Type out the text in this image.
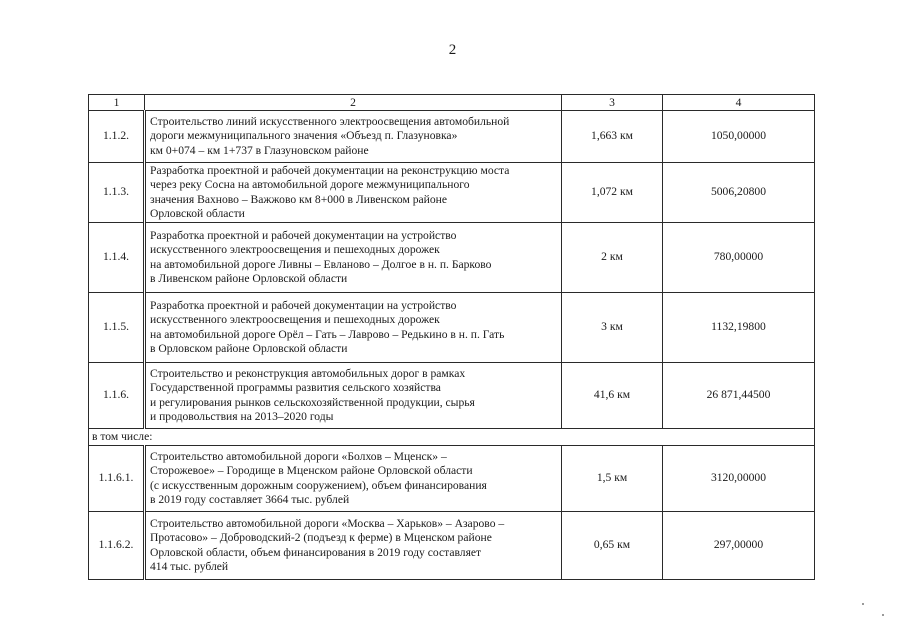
2
1	2	3	4
1.1.2.	Строительство линий искусственного электроосвещения автомобильной
дороги межмуниципального значения «Объезд п. Глазуновка»
км 0+074 – км 1+737 в Глазуновском районе	1,663 км	1050,00000
1.1.3.	Разработка проектной и рабочей документации на реконструкцию моста
через реку Сосна на автомобильной дороге межмуниципального
значения Вахново – Важжово км 8+000 в Ливенском районе
Орловской области	1,072 км	5006,20800
1.1.4.	Разработка проектной и рабочей документации на устройство
искусственного электроосвещения и пешеходных дорожек
на автомобильной дороге Ливны – Евланово – Долгое в н. п. Барково
в Ливенском районе Орловской области	2 км	780,00000
1.1.5.	Разработка проектной и рабочей документации на устройство
искусственного электроосвещения и пешеходных дорожек
на автомобильной дороге Орёл – Гать – Лаврово – Редькино в н. п. Гать
в Орловском районе Орловской области	3 км	1132,19800
1.1.6.	Строительство и реконструкция автомобильных дорог в рамках
Государственной программы развития сельского хозяйства
и регулирования рынков сельскохозяйственной продукции, сырья
и продовольствия на 2013–2020 годы	41,6 км	26 871,44500
в том числе:			
1.1.6.1.	Строительство автомобильной дороги «Болхов – Мценск» –
Сторожевое» – Городище в Мценском районе Орловской области
(с искусственным дорожным сооружением), объем финансирования
в 2019 году составляет 3664 тыс. рублей	1,5 км	3120,00000
1.1.6.2.	Строительство автомобильной дороги «Москва – Харьков» – Азарово –
Протасово» – Доброводский-2 (подъезд к ферме) в Мценском районе
Орловской области, объем финансирования в 2019 году составляет
414 тыс. рублей	0,65 км	297,00000
